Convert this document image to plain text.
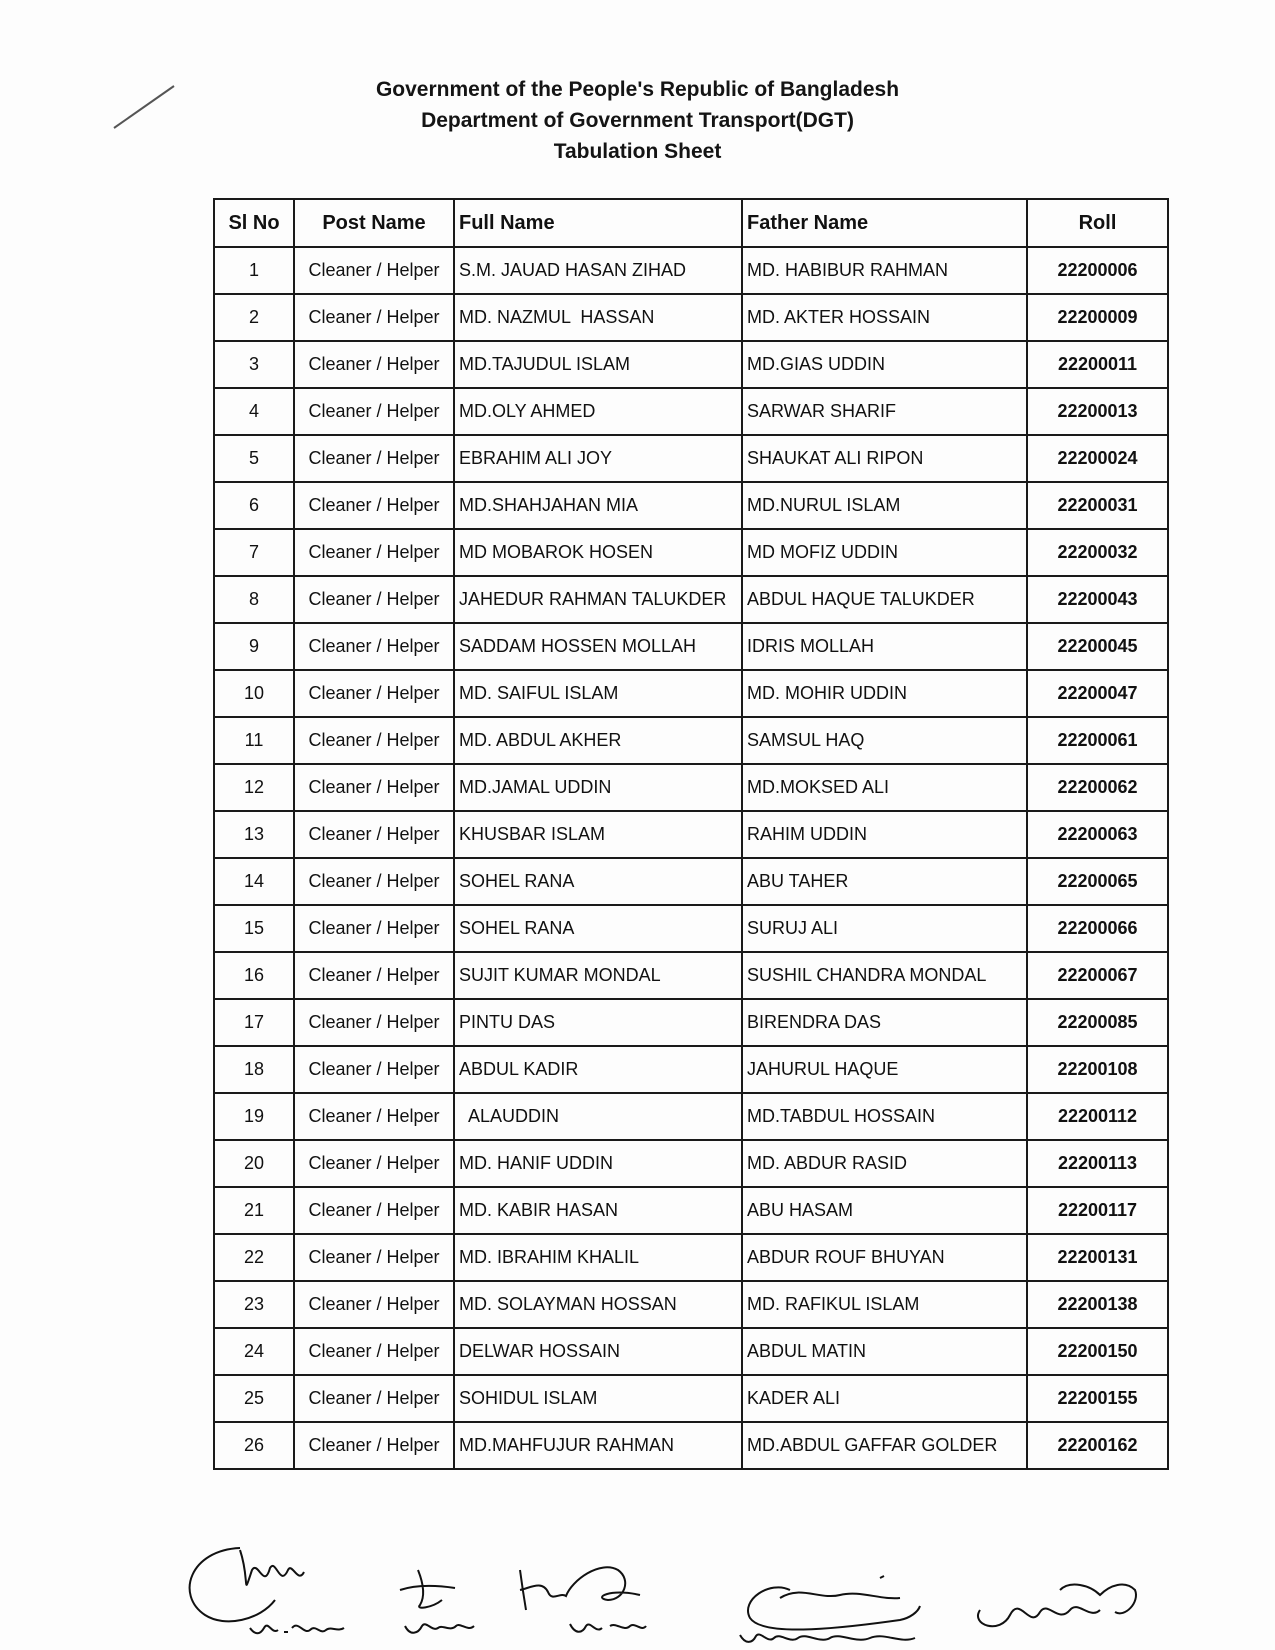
Government of the People's Republic of Bangladesh
Department of Government Transport(DGT)
Tabulation Sheet
Sl No	Post Name	Full Name	Father Name	Roll
1	Cleaner / Helper	S.M. JAUAD HASAN ZIHAD	MD. HABIBUR RAHMAN	22200006
2	Cleaner / Helper	MD. NAZMUL  HASSAN	MD. AKTER HOSSAIN	22200009
3	Cleaner / Helper	MD.TAJUDUL ISLAM	MD.GIAS UDDIN	22200011
4	Cleaner / Helper	MD.OLY AHMED	SARWAR SHARIF	22200013
5	Cleaner / Helper	EBRAHIM ALI JOY	SHAUKAT ALI RIPON	22200024
6	Cleaner / Helper	MD.SHAHJAHAN MIA	MD.NURUL ISLAM	22200031
7	Cleaner / Helper	MD MOBAROK HOSEN	MD MOFIZ UDDIN	22200032
8	Cleaner / Helper	JAHEDUR RAHMAN TALUKDER	ABDUL HAQUE TALUKDER	22200043
9	Cleaner / Helper	SADDAM HOSSEN MOLLAH	IDRIS MOLLAH	22200045
10	Cleaner / Helper	MD. SAIFUL ISLAM	MD. MOHIR UDDIN	22200047
11	Cleaner / Helper	MD. ABDUL AKHER	SAMSUL HAQ	22200061
12	Cleaner / Helper	MD.JAMAL UDDIN	MD.MOKSED ALI	22200062
13	Cleaner / Helper	KHUSBAR ISLAM	RAHIM UDDIN	22200063
14	Cleaner / Helper	SOHEL RANA	ABU TAHER	22200065
15	Cleaner / Helper	SOHEL RANA	SURUJ ALI	22200066
16	Cleaner / Helper	SUJIT KUMAR MONDAL	SUSHIL CHANDRA MONDAL	22200067
17	Cleaner / Helper	PINTU DAS	BIRENDRA DAS	22200085
18	Cleaner / Helper	ABDUL KADIR	JAHURUL HAQUE	22200108
19	Cleaner / Helper	ALAUDDIN	MD.TABDUL HOSSAIN	22200112
20	Cleaner / Helper	MD. HANIF UDDIN	MD. ABDUR RASID	22200113
21	Cleaner / Helper	MD. KABIR HASAN	ABU HASAM	22200117
22	Cleaner / Helper	MD. IBRAHIM KHALIL	ABDUR ROUF BHUYAN	22200131
23	Cleaner / Helper	MD. SOLAYMAN HOSSAN	MD. RAFIKUL ISLAM	22200138
24	Cleaner / Helper	DELWAR HOSSAIN	ABDUL MATIN	22200150
25	Cleaner / Helper	SOHIDUL ISLAM	KADER ALI	22200155
26	Cleaner / Helper	MD.MAHFUJUR RAHMAN	MD.ABDUL GAFFAR GOLDER	22200162
